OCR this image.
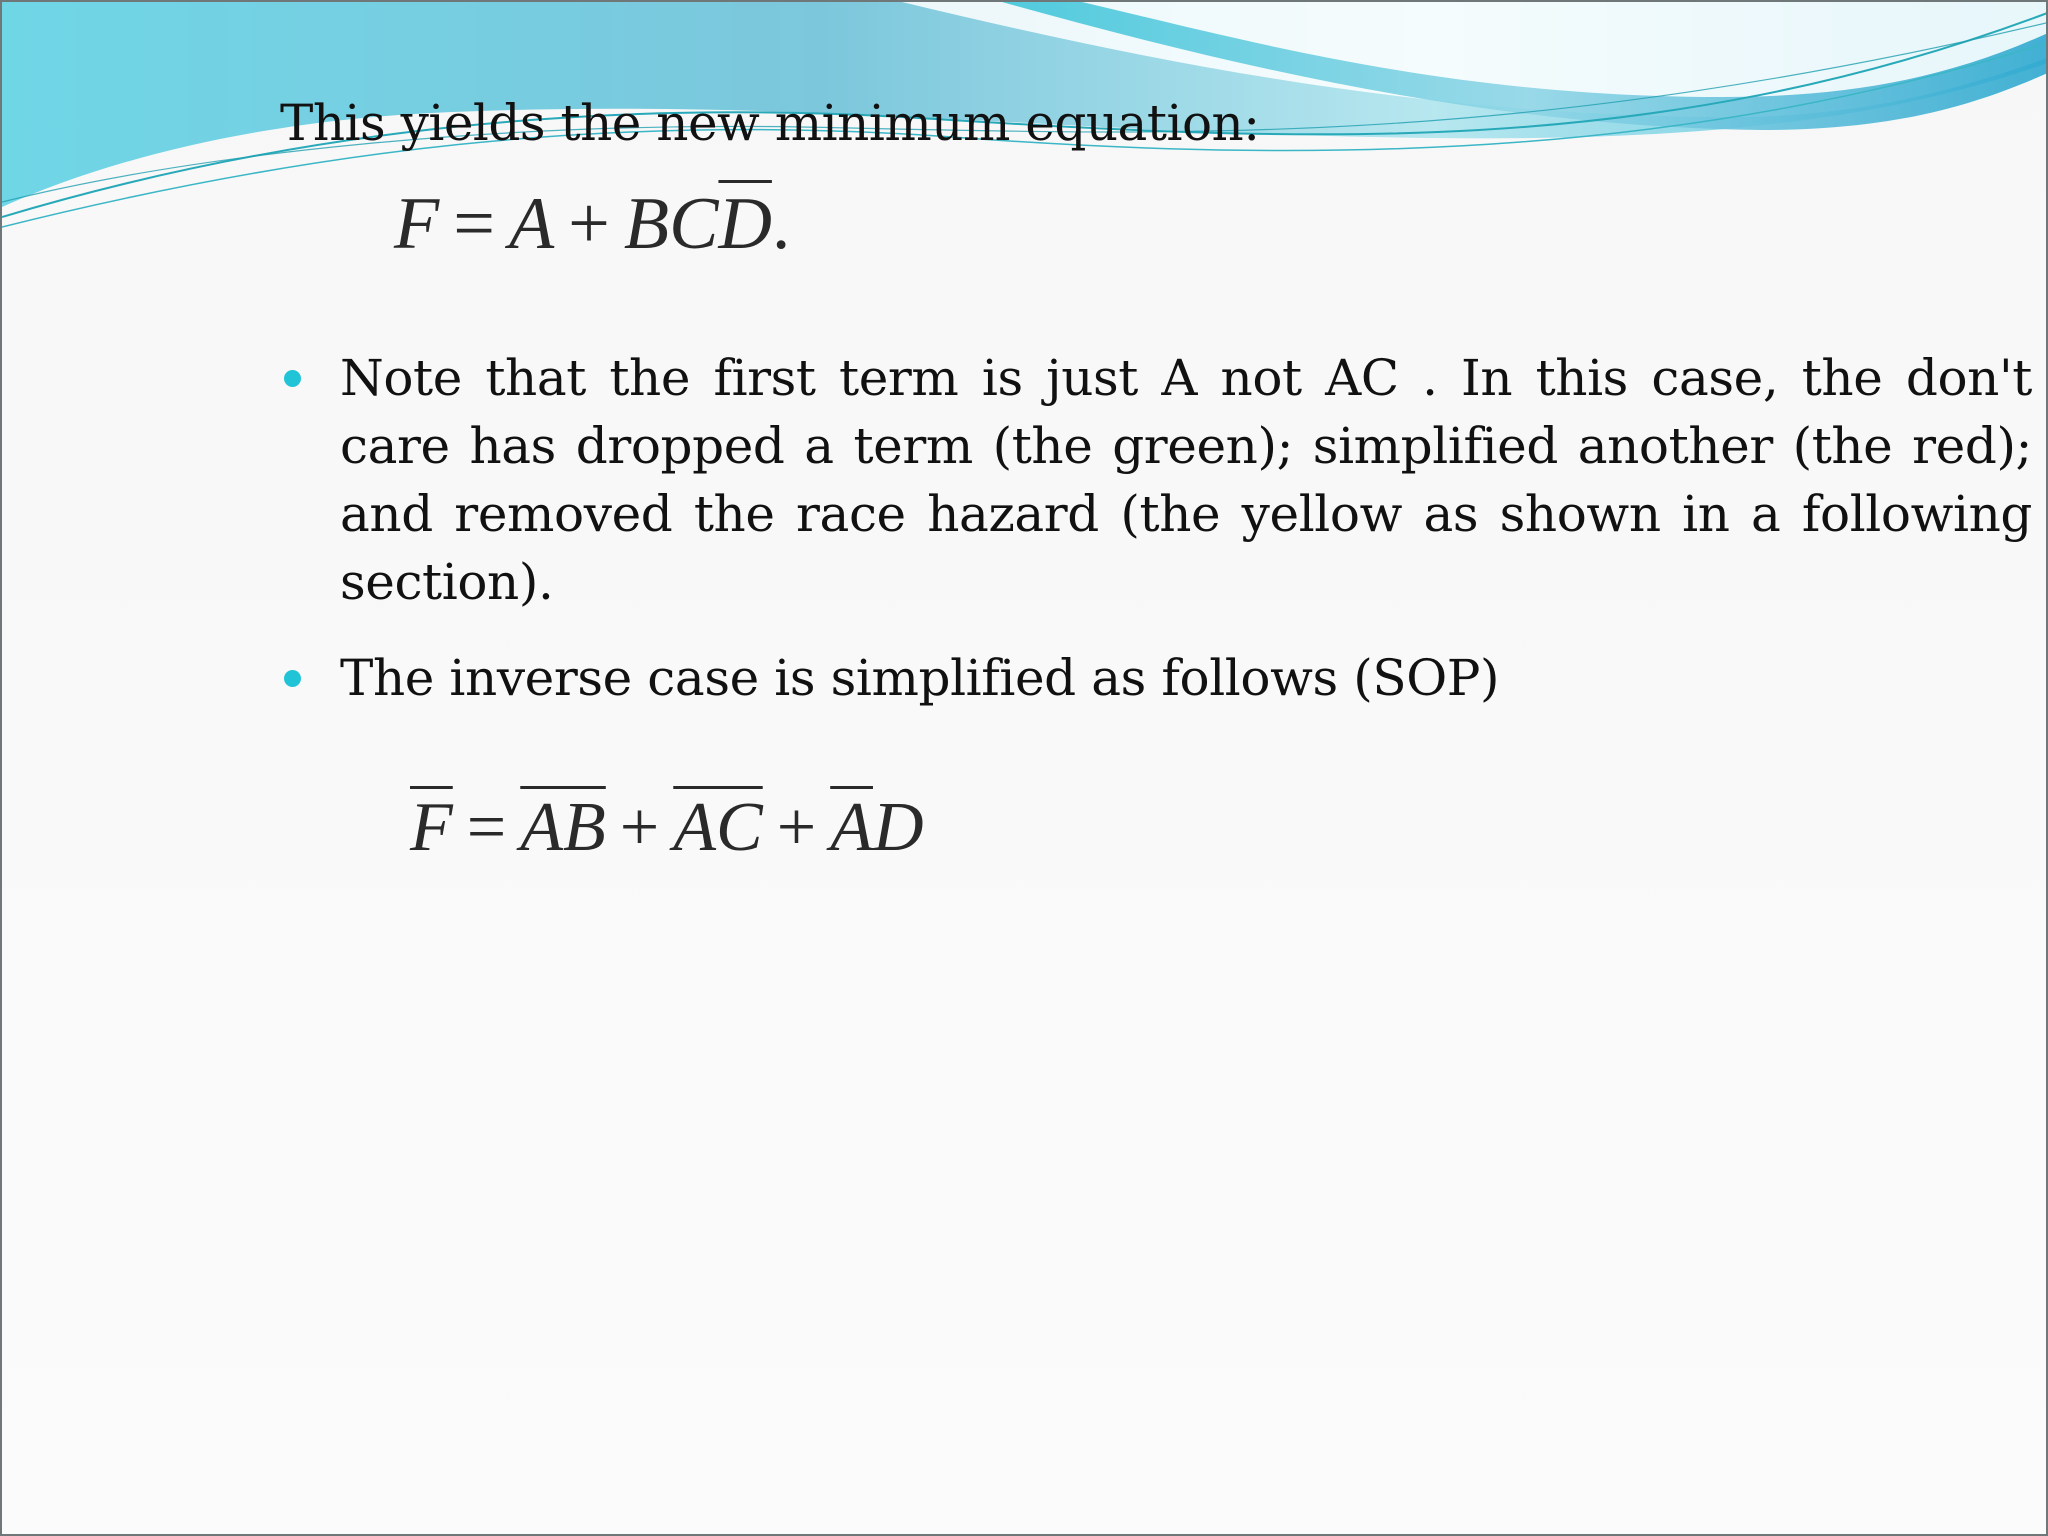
This yields the new minimum equation:
$F = A + BC\overline{D}$.
Note that the first term is just A not AC . In this case, the don't care has dropped a term (the green); simplified another (the red); and removed the race hazard (the yellow as shown in a following section).
The inverse case is simplified as follows (SOP)
$\overline{F} = \overline{AB} + \overline{AC} + \overline{A}D$
